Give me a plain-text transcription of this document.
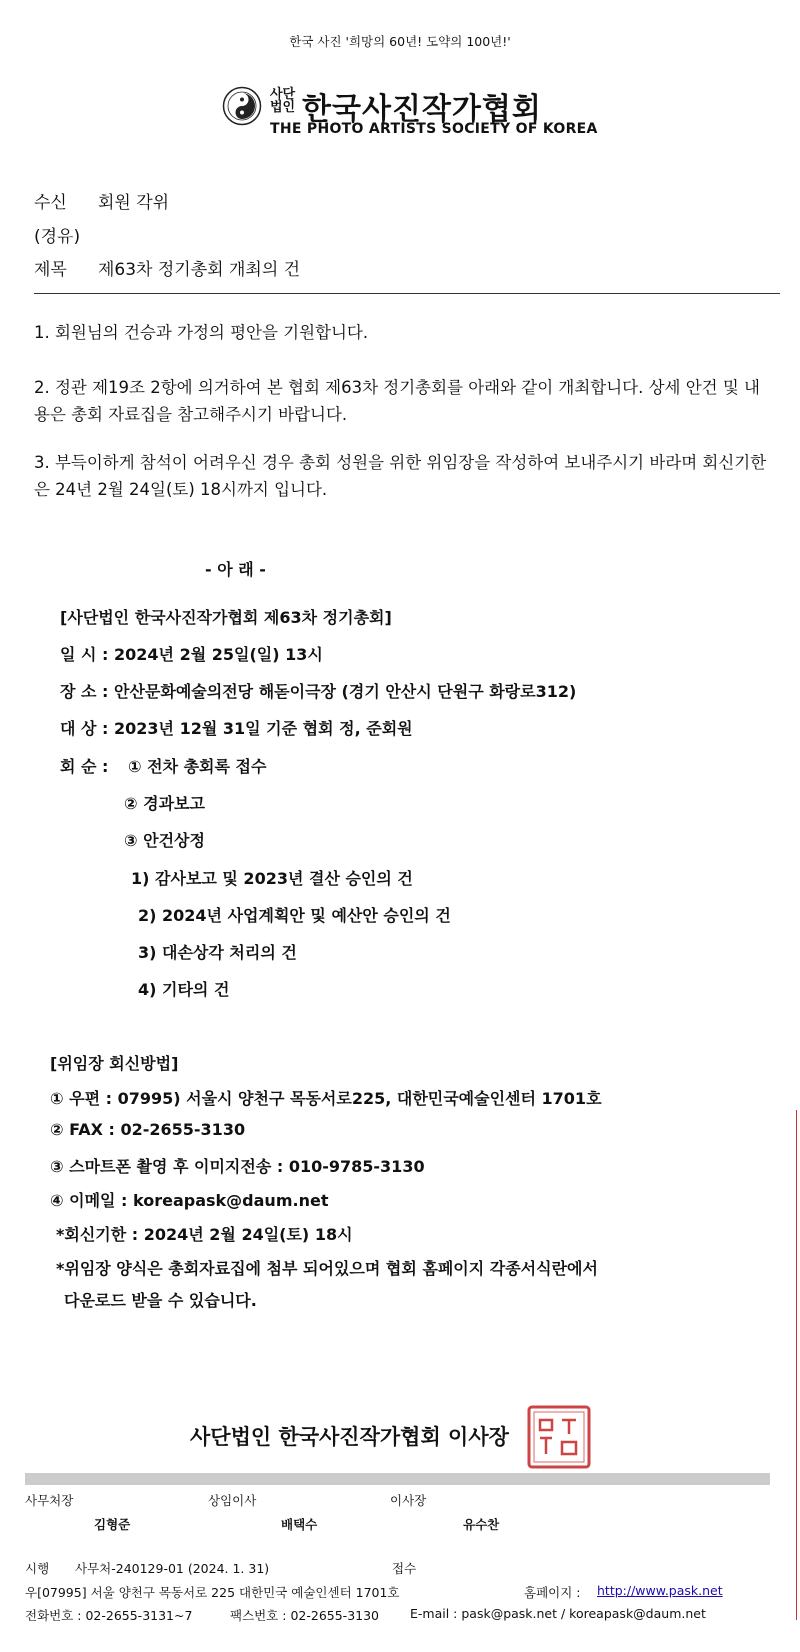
한국 사진 '희망의 60년! 도약의 100년!'
사단
법인 한국사진작가협회
THE PHOTO ARTISTS SOCIETY OF KOREA
수신 회원 각위
(경유)
제목 제63차 정기총회 개최의 건
1. 회원님의 건승과 가정의 평안을 기원합니다.
2. 정관 제19조 2항에 의거하여 본 협회 제63차 정기총회를 아래와 같이 개최합니다. 상세 안건 및 내용은 총회 자료집을 참고해주시기 바랍니다.
3. 부득이하게 참석이 어려우신 경우 총회 성원을 위한 위임장을 작성하여 보내주시기 바라며 회신기한은 24년 2월 24일(토) 18시까지 입니다.
- 아 래 -
[사단법인 한국사진작가협회 제63차 정기총회]
일 시 : 2024년 2월 25일(일) 13시
장 소 : 안산문화예술의전당 해돋이극장 (경기 안산시 단원구 화랑로312)
대 상 : 2023년 12월 31일 기준 협회 정, 준회원
회 순 : ① 전차 총회록 접수
② 경과보고
③ 안건상정
1) 감사보고 및 2023년 결산 승인의 건
2) 2024년 사업계획안 및 예산안 승인의 건
3) 대손상각 처리의 건
4) 기타의 건
[위임장 회신방법]
① 우편 : 07995) 서울시 양천구 목동서로225, 대한민국예술인센터 1701호
② FAX : 02-2655-3130
③ 스마트폰 촬영 후 이미지전송 : 010-9785-3130
④ 이메일 : koreapask@daum.net
*회신기한 : 2024년 2월 24일(토) 18시
*위임장 양식은 총회자료집에 첨부 되어있으며 협회 홈페이지 각종서식란에서
다운로드 받을 수 있습니다.
사단법인 한국사진작가협회 이사장
사무처장	상임이사	이사장
김형준	배택수	유수찬
시행 사무처-240129-01 (2024. 1. 31)	접수
우[07995] 서울 양천구 목동서로 225 대한민국 예술인센터 1701호	홈페이지 : http://www.pask.net
전화번호 : 02-2655-3131~7	팩스번호 : 02-2655-3130 E-mail : pask@pask.net / koreapask@daum.net
